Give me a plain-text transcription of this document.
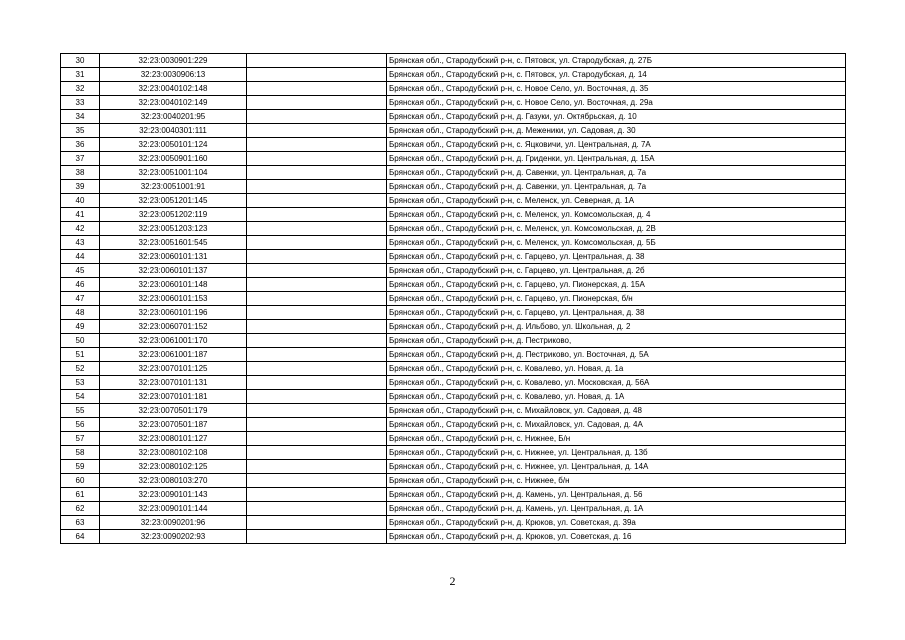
30	32:23:0030901:229		Брянская обл., Стародубский р-н, с. Пятовск, ул. Стародубская, д. 27Б
31	32:23:0030906:13		Брянская обл., Стародубский р-н, с. Пятовск, ул. Стародубская, д. 14
32	32:23:0040102:148		Брянская обл., Стародубский р-н, с. Новое Село, ул. Восточная, д. 35
33	32:23:0040102:149		Брянская обл., Стародубский р-н, с. Новое Село, ул. Восточная, д. 29а
34	32:23:0040201:95		Брянская обл., Стародубский р-н, д. Газуки, ул. Октябрьская, д. 10
35	32:23:0040301:111		Брянская обл., Стародубский р-н, д. Меженики, ул. Садовая, д. 30
36	32:23:0050101:124		Брянская обл., Стародубский р-н, с. Яцковичи, ул. Центральная, д. 7А
37	32:23:0050901:160		Брянская обл., Стародубский р-н, д. Гриденки, ул. Центральная, д. 15А
38	32:23:0051001:104		Брянская обл., Стародубский р-н, д. Савенки, ул. Центральная, д. 7а
39	32:23:0051001:91		Брянская обл., Стародубский р-н, д. Савенки, ул. Центральная, д. 7а
40	32:23:0051201:145		Брянская обл., Стародубский р-н, с. Меленск, ул. Северная, д. 1А
41	32:23:0051202:119		Брянская обл., Стародубский р-н, с. Меленск, ул. Комсомольская, д. 4
42	32:23:0051203:123		Брянская обл., Стародубский р-н, с. Меленск, ул. Комсомольская, д. 2В
43	32:23:0051601:545		Брянская обл., Стародубский р-н, с. Меленск, ул. Комсомольская, д. 5Б
44	32:23:0060101:131		Брянская обл., Стародубский р-н, с. Гарцево, ул. Центральная, д. 38
45	32:23:0060101:137		Брянская обл., Стародубский р-н, с. Гарцево, ул. Центральная, д. 2б
46	32:23:0060101:148		Брянская обл., Стародубский р-н, с. Гарцево, ул. Пионерская, д. 15А
47	32:23:0060101:153		Брянская обл., Стародубский р-н, с. Гарцево, ул. Пионерская, б/н
48	32:23:0060101:196		Брянская обл., Стародубский р-н, с. Гарцево, ул. Центральная, д. 38
49	32:23:0060701:152		Брянская обл., Стародубский р-н, д. Ильбово, ул. Школьная, д. 2
50	32:23:0061001:170		Брянская обл., Стародубский р-н, д. Пестриково,
51	32:23:0061001:187		Брянская обл., Стародубский р-н, д. Пестриково, ул. Восточная, д. 5А
52	32:23:0070101:125		Брянская обл., Стародубский р-н, с. Ковалево, ул. Новая, д. 1а
53	32:23:0070101:131		Брянская обл., Стародубский р-н, с. Ковалево, ул. Московская, д. 56А
54	32:23:0070101:181		Брянская обл., Стародубский р-н, с. Ковалево, ул. Новая, д. 1А
55	32:23:0070501:179		Брянская обл., Стародубский р-н, с. Михайловск, ул. Садовая, д. 48
56	32:23:0070501:187		Брянская обл., Стародубский р-н, с. Михайловск, ул. Садовая, д. 4А
57	32:23:0080101:127		Брянская обл., Стародубский р-н, с. Нижнее, Б/н
58	32:23:0080102:108		Брянская обл., Стародубский р-н, с. Нижнее, ул. Центральная, д. 13б
59	32:23:0080102:125		Брянская обл., Стародубский р-н, с. Нижнее, ул. Центральная, д. 14А
60	32:23:0080103:270		Брянская обл., Стародубский р-н, с. Нижнее, б/н
61	32:23:0090101:143		Брянская обл., Стародубский р-н, д. Камень, ул. Центральная, д. 56
62	32:23:0090101:144		Брянская обл., Стародубский р-н, д. Камень, ул. Центральная, д. 1А
63	32:23:0090201:96		Брянская обл., Стародубский р-н, д. Крюков, ул. Советская, д. 39а
64	32:23:0090202:93		Брянская обл., Стародубский р-н, д. Крюков, ул. Советская, д. 16
2
